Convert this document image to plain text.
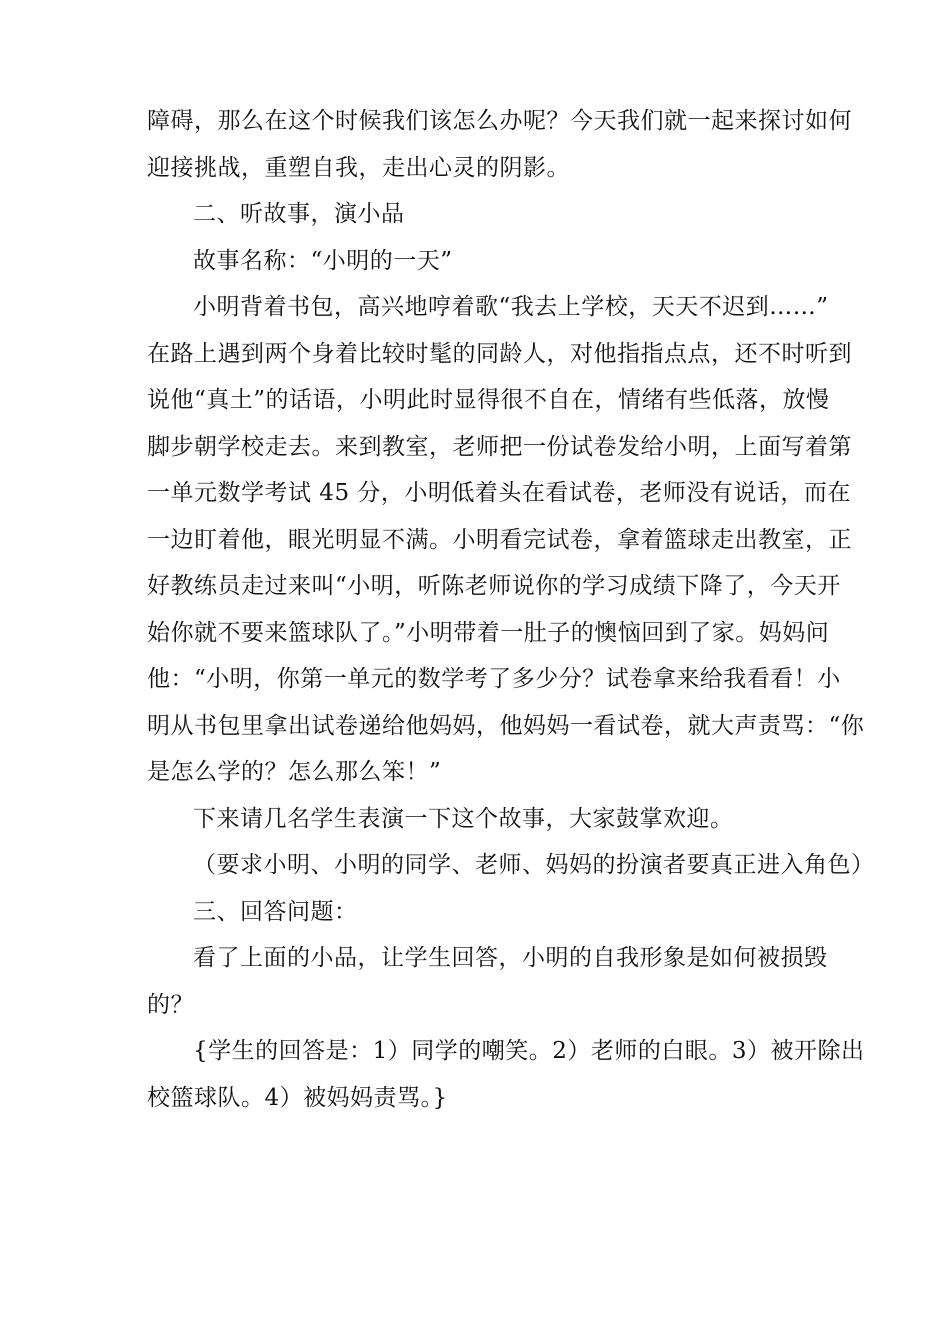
障碍，那么在这个时候我们该怎么办呢？今天我们就一起来探讨如何
迎接挑战，重塑自我，走出心灵的阴影。
二、听故事，演小品
故事名称：“小明的一天”
小明背着书包，高兴地哼着歌“我去上学校，天天不迟到……”
在路上遇到两个身着比较时髦的同龄人，对他指指点点，还不时听到
说他“真土”的话语，小明此时显得很不自在，情绪有些低落，放慢
脚步朝学校走去。来到教室，老师把一份试卷发给小明，上面写着第
一单元数学考试 45 分，小明低着头在看试卷，老师没有说话，而在
一边盯着他，眼光明显不满。小明看完试卷，拿着篮球走出教室，正
好教练员走过来叫“小明，听陈老师说你的学习成绩下降了，今天开
始你就不要来篮球队了。”小明带着一肚子的懊恼回到了家。妈妈问
他：“小明，你第一单元的数学考了多少分？试卷拿来给我看看！小
明从书包里拿出试卷递给他妈妈，他妈妈一看试卷，就大声责骂：“你
是怎么学的？怎么那么笨！”
下来请几名学生表演一下这个故事，大家鼓掌欢迎。
（要求小明、小明的同学、老师、妈妈的扮演者要真正进入角色）
三、回答问题：
看了上面的小品，让学生回答，小明的自我形象是如何被损毁
的？
{学生的回答是：1）同学的嘲笑。2）老师的白眼。3）被开除出
校篮球队。4）被妈妈责骂。}
